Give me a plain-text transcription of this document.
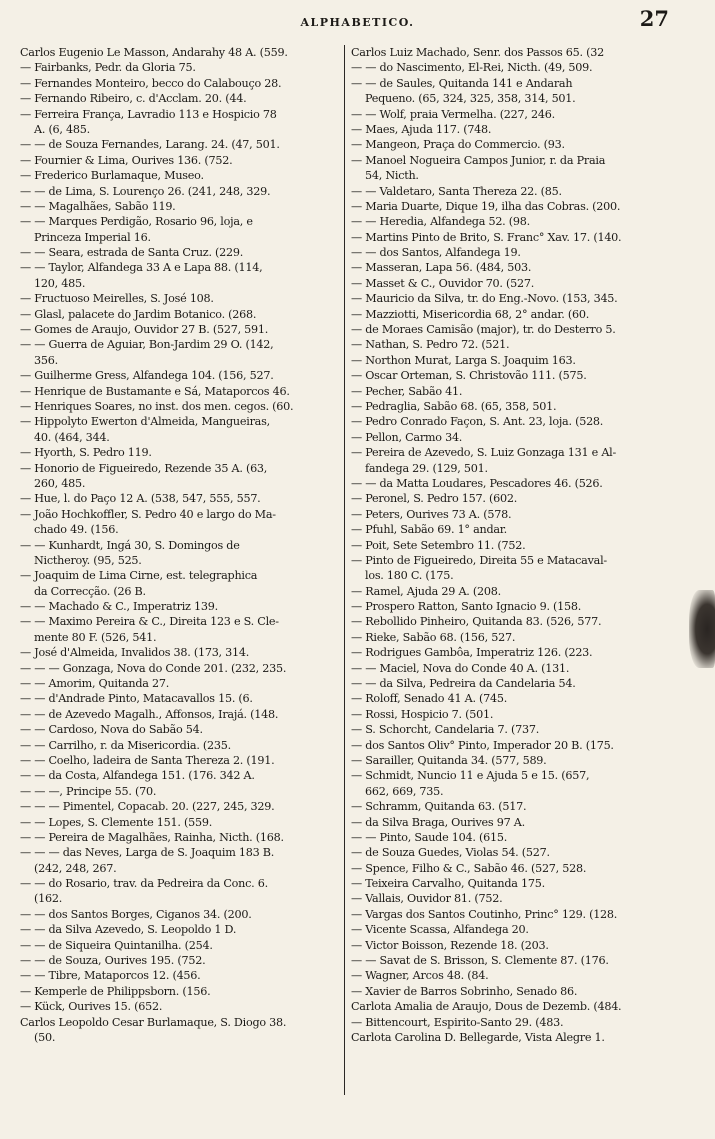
ALPHABETICO.	27
Carlos Eugenio Le Masson, Andarahy 48 A. (559.
— Fairbanks, Pedr. da Gloria 75.
— Fernandes Monteiro, becco do Calabouço 28.
— Fernando Ribeiro, c. d'Acclam. 20. (44.
— Ferreira França, Lavradio 113 e Hospicio 78
A. (6, 485.
— — de Souza Fernandes, Larang. 24. (47, 501.
— Fournier & Lima, Ourives 136. (752.
— Frederico Burlamaque, Museo.
— — de Lima, S. Lourenço 26. (241, 248, 329.
— — Magalhães, Sabão 119.
— — Marques Perdigão, Rosario 96, loja, e
Princeza Imperial 16.
— — Seara, estrada de Santa Cruz. (229.
— — Taylor, Alfandega 33 A e Lapa 88. (114,
120, 485.
— Fructuoso Meirelles, S. José 108.
— Glasl, palacete do Jardim Botanico. (268.
— Gomes de Araujo, Ouvidor 27 B. (527, 591.
— — Guerra de Aguiar, Bon-Jardim 29 O. (142,
356.
— Guilherme Gress, Alfandega 104. (156, 527.
— Henrique de Bustamante e Sá, Mataporcos 46.
— Henriques Soares, no inst. dos men. cegos. (60.
— Hippolyto Ewerton d'Almeida, Mangueiras,
40. (464, 344.
— Hyorth, S. Pedro 119.
— Honorio de Figueiredo, Rezende 35 A. (63,
260, 485.
— Hue, l. do Paço 12 A. (538, 547, 555, 557.
— João Hochkoffler, S. Pedro 40 e largo do Ma-
chado 49. (156.
— — Kunhardt, Ingá 30, S. Domingos de
Nictheroy. (95, 525.
— Joaquim de Lima Cirne, est. telegraphica
da Correcção. (26 B.
— — Machado & C., Imperatriz 139.
— — Maximo Pereira & C., Direita 123 e S. Cle-
mente 80 F. (526, 541.
— José d'Almeida, Invalidos 38. (173, 314.
— — — Gonzaga, Nova do Conde 201. (232, 235.
— — Amorim, Quitanda 27.
— — d'Andrade Pinto, Matacavallos 15. (6.
— — de Azevedo Magalh., Affonsos, Irajá. (148.
— — Cardoso, Nova do Sabão 54.
— — Carrilho, r. da Misericordia. (235.
— — Coelho, ladeira de Santa Thereza 2. (191.
— — da Costa, Alfandega 151. (176. 342 A.
— — —, Principe 55. (70.
— — — Pimentel, Copacab. 20. (227, 245, 329.
— — Lopes, S. Clemente 151. (559.
— — Pereira de Magalhães, Rainha, Nicth. (168.
— — — das Neves, Larga de S. Joaquim 183 B.
(242, 248, 267.
— — do Rosario, trav. da Pedreira da Conc. 6.
(162.
— — dos Santos Borges, Ciganos 34. (200.
— — da Silva Azevedo, S. Leopoldo 1 D.
— — de Siqueira Quintanilha. (254.
— — de Souza, Ourives 195. (752.
— — Tibre, Mataporcos 12. (456.
— Kemperle de Philippsborn. (156.
— Kück, Ourives 15. (652.
Carlos Leopoldo Cesar Burlamaque, S. Diogo 38.
(50.
Carlos Luiz Machado, Senr. dos Passos 65. (32
— — do Nascimento, El-Rei, Nicth. (49, 509.
— — de Saules, Quitanda 141 e Andarah
Pequeno. (65, 324, 325, 358, 314, 501.
— — Wolf, praia Vermelha. (227, 246.
— Maes, Ajuda 117. (748.
— Mangeon, Praça do Commercio. (93.
— Manoel Nogueira Campos Junior, r. da Praia
54, Nicth.
— — Valdetaro, Santa Thereza 22. (85.
— Maria Duarte, Dique 19, ilha das Cobras. (200.
— — Heredia, Alfandega 52. (98.
— Martins Pinto de Brito, S. Franc° Xav. 17. (140.
— — dos Santos, Alfandega 19.
— Masseran, Lapa 56. (484, 503.
— Masset & C., Ouvidor 70. (527.
— Mauricio da Silva, tr. do Eng.-Novo. (153, 345.
— Mazziotti, Misericordia 68, 2° andar. (60.
— de Moraes Camisão (major), tr. do Desterro 5.
— Nathan, S. Pedro 72. (521.
— Northon Murat, Larga S. Joaquim 163.
— Oscar Orteman, S. Christovão 111. (575.
— Pecher, Sabão 41.
— Pedraglia, Sabão 68. (65, 358, 501.
— Pedro Conrado Façon, S. Ant. 23, loja. (528.
— Pellon, Carmo 34.
— Pereira de Azevedo, S. Luiz Gonzaga 131 e Al-
fandega 29. (129, 501.
— — da Matta Loudares, Pescadores 46. (526.
— Peronel, S. Pedro 157. (602.
— Peters, Ourives 73 A. (578.
— Pfuhl, Sabão 69. 1° andar.
— Poit, Sete Setembro 11. (752.
— Pinto de Figueiredo, Direita 55 e Matacaval-
los. 180 C. (175.
— Ramel, Ajuda 29 A. (208.
— Prospero Ratton, Santo Ignacio 9. (158.
— Rebollido Pinheiro, Quitanda 83. (526, 577.
— Rieke, Sabão 68. (156, 527.
— Rodrigues Gambôa, Imperatriz 126. (223.
— — Maciel, Nova do Conde 40 A. (131.
— — da Silva, Pedreira da Candelaria 54.
— Roloff, Senado 41 A. (745.
— Rossi, Hospicio 7. (501.
— S. Schorcht, Candelaria 7. (737.
— dos Santos Oliv° Pinto, Imperador 20 B. (175.
— Sarailler, Quitanda 34. (577, 589.
— Schmidt, Nuncio 11 e Ajuda 5 e 15. (657,
662, 669, 735.
— Schramm, Quitanda 63. (517.
— da Silva Braga, Ourives 97 A.
— — Pinto, Saude 104. (615.
— de Souza Guedes, Violas 54. (527.
— Spence, Filho & C., Sabão 46. (527, 528.
— Teixeira Carvalho, Quitanda 175.
— Vallais, Ouvidor 81. (752.
— Vargas dos Santos Coutinho, Princ° 129. (128.
— Vicente Scassa, Alfandega 20.
— Victor Boisson, Rezende 18. (203.
— — Savat de S. Brisson, S. Clemente 87. (176.
— Wagner, Arcos 48. (84.
— Xavier de Barros Sobrinho, Senado 86.
Carlota Amalia de Araujo, Dous de Dezemb. (484.
— Bittencourt, Espirito-Santo 29. (483.
Carlota Carolina D. Bellegarde, Vista Alegre 1.
